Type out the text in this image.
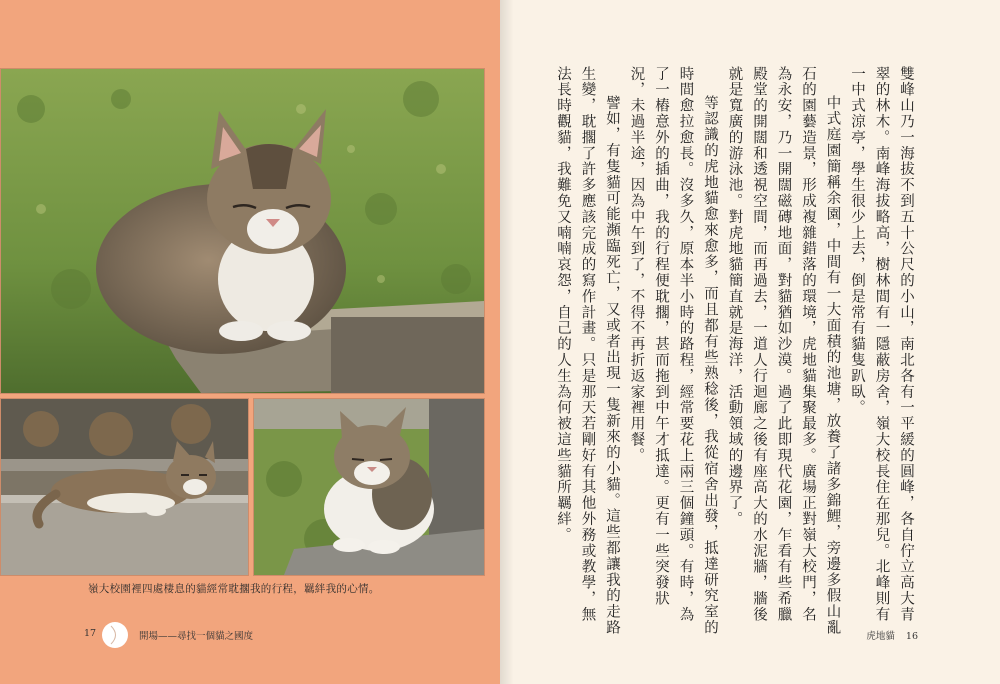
嶺大校園裡四處棲息的貓經常耽擱我的行程，羈絆我的心情。
17	開場——尋找一個貓之國度

雙峰山乃一海拔不到五十公尺的小山，南北各有一平緩的圓峰，各自佇立高大青翠的林木。南峰海拔略高，樹林間有一隱蔽房舍，嶺大校長住在那兒。北峰則有一中式涼亭，學生很少上去，倒是常有貓隻趴臥。

中式庭園簡稱余園，中間有一大面積的池塘，放養了諸多錦鯉，旁邊多假山亂石的園藝造景，形成複雜錯落的環境，虎地貓集聚最多。廣場正對嶺大校門，名為永安，乃一開闊磁磚地面，對貓猶如沙漠。過了此即現代花園，乍看有些希臘殿堂的開闊和透視空間，而再過去，一道人行迴廊之後有座高大的水泥牆，牆後就是寬廣的游泳池。對虎地貓簡直就是海洋，活動領域的邊界了。

等認識的虎地貓愈來愈多，而且都有些熟稔後，我從宿舍出發，抵達研究室的時間愈拉愈長。沒多久，原本半小時的路程，經常要花上兩三個鐘頭。有時，為了一樁意外的插曲，我的行程便耽擱，甚而拖到中午才抵達。更有一些突發狀況，未過半途，因為中午到了，不得不再折返家裡用餐。

譬如，有隻貓可能瀕臨死亡，又或者出現一隻新來的小貓。這些都讓我的走路生變，耽擱了許多應該完成的寫作計畫。只是那天若剛好有其他外務或教學，無法長時觀貓，我難免又喃喃哀怨，自己的人生為何被這些貓所羈絆。

虎地貓 16
